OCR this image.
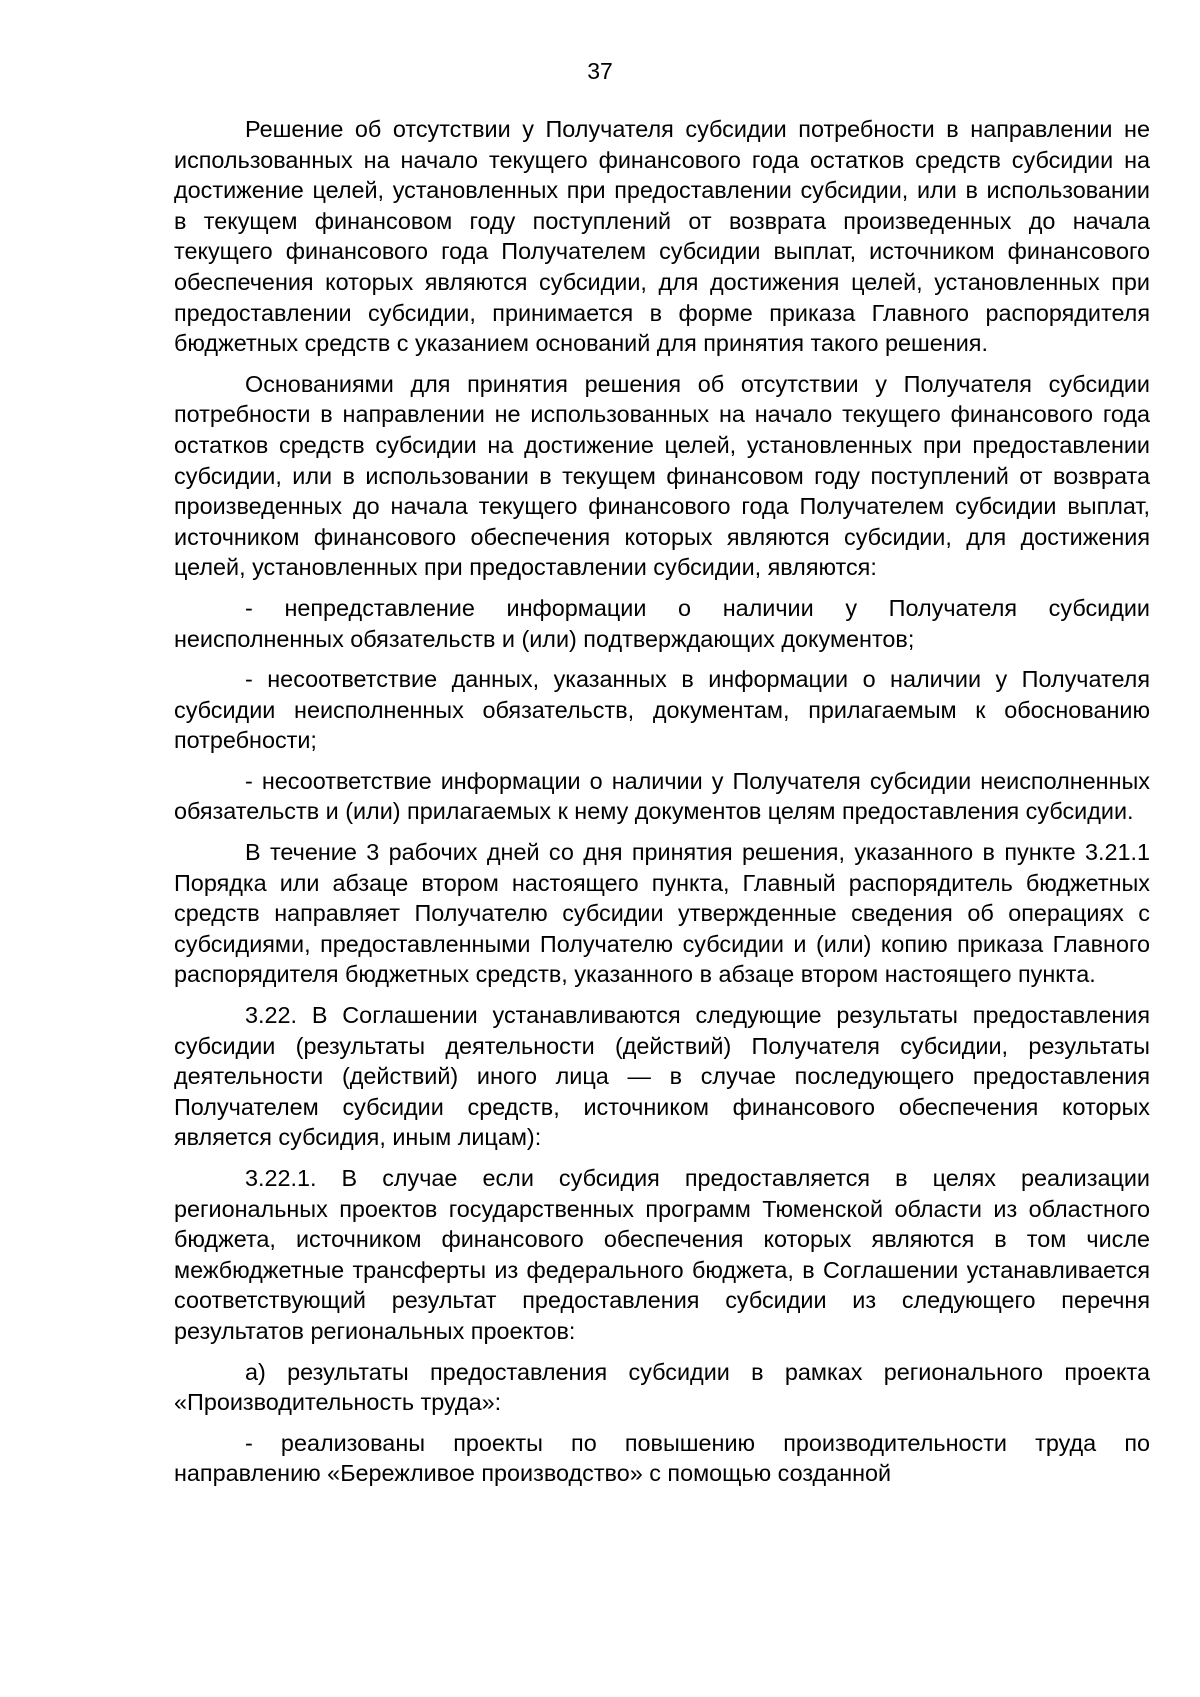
37

Решение об отсутствии у Получателя субсидии потребности в направлении не использованных на начало текущего финансового года остатков средств субсидии на достижение целей, установленных при предоставлении субсидии, или в использовании в текущем финансовом году поступлений от возврата произведенных до начала текущего финансового года Получателем субсидии выплат, источником финансового обеспечения которых являются субсидии, для достижения целей, установленных при предоставлении субсидии, принимается в форме приказа Главного распорядителя бюджетных средств с указанием оснований для принятия такого решения.

Основаниями для принятия решения об отсутствии у Получателя субсидии потребности в направлении не использованных на начало текущего финансового года остатков средств субсидии на достижение целей, установленных при предоставлении субсидии, или в использовании в текущем финансовом году поступлений от возврата произведенных до начала текущего финансового года Получателем субсидии выплат, источником финансового обеспечения которых являются субсидии, для достижения целей, установленных при предоставлении субсидии, являются:

- непредставление информации о наличии у Получателя субсидии неисполненных обязательств и (или) подтверждающих документов;

- несоответствие данных, указанных в информации о наличии у Получателя субсидии неисполненных обязательств, документам, прилагаемым к обоснованию потребности;

- несоответствие информации о наличии у Получателя субсидии неисполненных обязательств и (или) прилагаемых к нему документов целям предоставления субсидии.

В течение 3 рабочих дней со дня принятия решения, указанного в пункте 3.21.1 Порядка или абзаце втором настоящего пункта, Главный распорядитель бюджетных средств направляет Получателю субсидии утвержденные сведения об операциях с субсидиями, предоставленными Получателю субсидии и (или) копию приказа Главного распорядителя бюджетных средств, указанного в абзаце втором настоящего пункта.

3.22. В Соглашении устанавливаются следующие результаты предоставления субсидии (результаты деятельности (действий) Получателя субсидии, результаты деятельности (действий) иного лица — в случае последующего предоставления Получателем субсидии средств, источником финансового обеспечения которых является субсидия, иным лицам):

3.22.1. В случае если субсидия предоставляется в целях реализации региональных проектов государственных программ Тюменской области из областного бюджета, источником финансового обеспечения которых являются в том числе межбюджетные трансферты из федерального бюджета, в Соглашении устанавливается соответствующий результат предоставления субсидии из следующего перечня результатов региональных проектов:

а) результаты предоставления субсидии в рамках регионального проекта «Производительность труда»:

- реализованы проекты по повышению производительности труда по направлению «Бережливое производство» с помощью созданной
